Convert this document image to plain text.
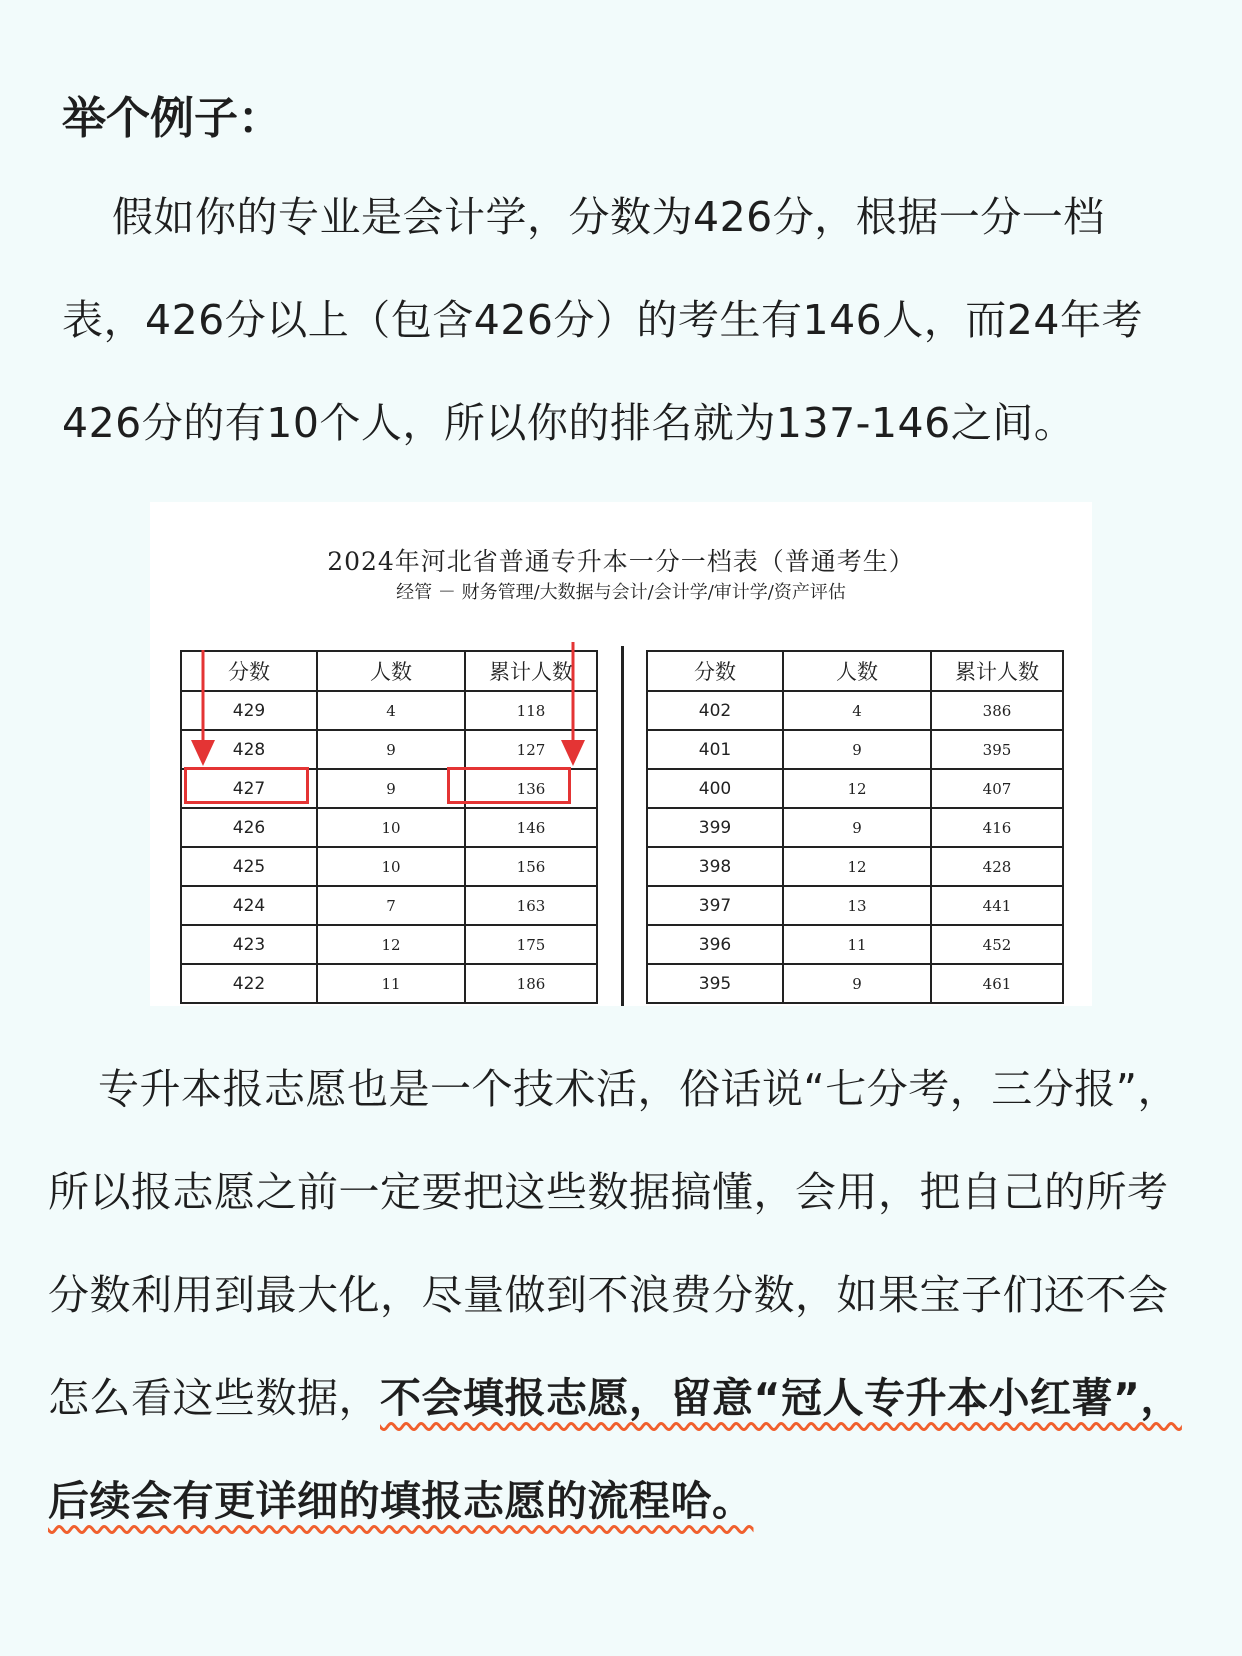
举个例子：

假如你的专业是会计学，分数为426分，根据一分一档表，426分以上（包含426分）的考生有146人，而24年考426分的有10个人，所以你的排名就为137-146之间。

2024年河北省普通专升本一分一档表（普通考生）
经管 － 财务管理/大数据与会计/会计学/审计学/资产评估
分数	人数	累计人数
429	4	118
428	9	127
427	9	136
426	10	146
425	10	156
424	7	163
423	12	175
422	11	186
分数	人数	累计人数
402	4	386
401	9	395
400	12	407
399	9	416
398	12	428
397	13	441
396	11	452
395	9	461

专升本报志愿也是一个技术活，俗话说“七分考，三分报”，所以报志愿之前一定要把这些数据搞懂，会用，把自己的所考分数利用到最大化，尽量做到不浪费分数，如果宝子们还不会怎么看这些数据，不会填报志愿，留意“冠人专升本小红薯”，后续会有更详细的填报志愿的流程哈。
